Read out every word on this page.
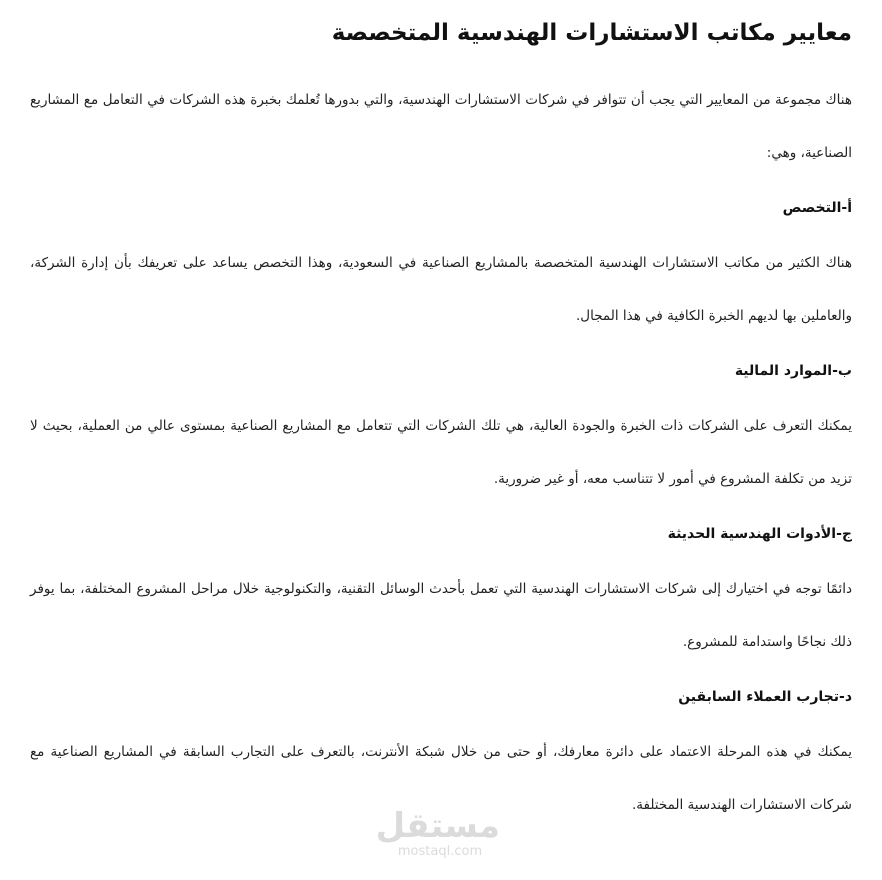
معايير مكاتب الاستشارات الهندسية المتخصصة

هناك مجموعة من المعايير التي يجب أن تتوافر في شركات الاستشارات الهندسية، والتي بدورها تُعلمك بخبرة هذه الشركات في التعامل مع المشاريع الصناعية، وهي:

أ-التخصص

هناك الكثير من مكاتب الاستشارات الهندسية المتخصصة بالمشاريع الصناعية في السعودية، وهذا التخصص يساعد على تعريفك بأن إدارة الشركة، والعاملين بها لديهم الخبرة الكافية في هذا المجال.

ب-الموارد المالية

يمكنك التعرف على الشركات ذات الخبرة والجودة العالية، هي تلك الشركات التي تتعامل مع المشاريع الصناعية بمستوى عالي من العملية، بحيث لا تزيد من تكلفة المشروع في أمور لا تتناسب معه، أو غير ضرورية.

ج-الأدوات الهندسية الحديثة

دائمًا توجه في اختيارك إلى شركات الاستشارات الهندسية التي تعمل بأحدث الوسائل التقنية، والتكنولوجية خلال مراحل المشروع المختلفة، بما يوفر ذلك نجاحًا واستدامة للمشروع.

د-تجارب العملاء السابقين

يمكنك في هذه المرحلة الاعتماد على دائرة معارفك، أو حتى من خلال شبكة الأنترنت، بالتعرف على التجارب السابقة في المشاريع الصناعية مع شركات الاستشارات الهندسية المختلفة.

مستقل
mostaql.com
